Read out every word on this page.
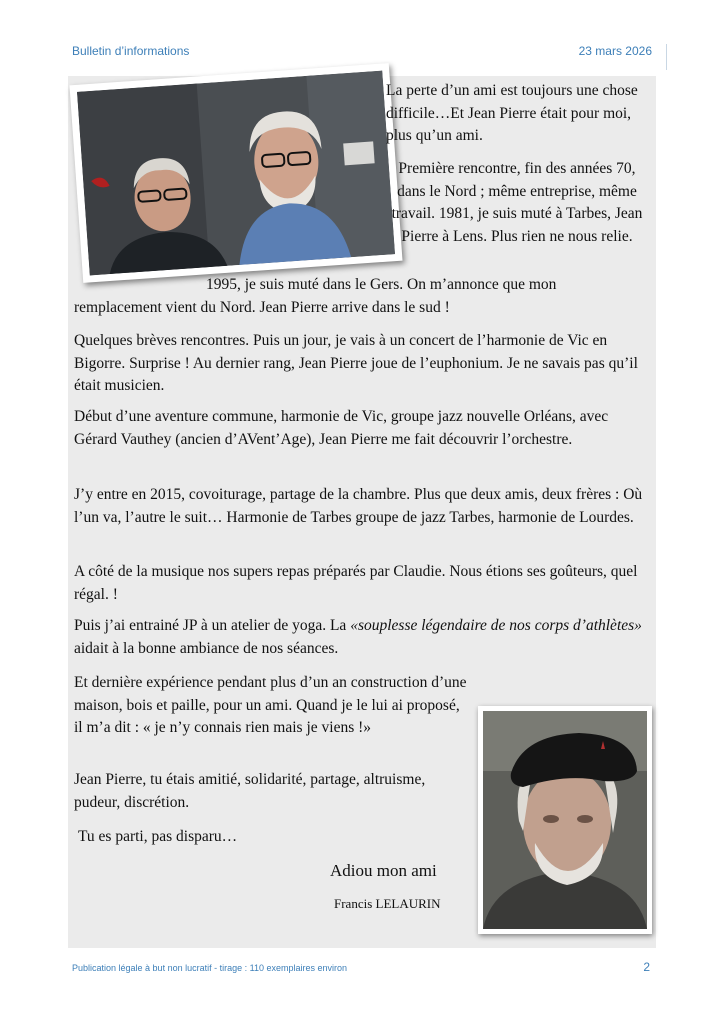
Bulletin d’informations	23 mars 2026
La perte d’un ami est toujours une chose difficile…Et Jean Pierre était pour moi, plus qu’un ami.
Première rencontre, fin des années 70, dans le Nord ; même entreprise, même travail. 1981, je suis muté à Tarbes, Jean Pierre à Lens. Plus rien ne nous relie.
1995, je suis muté dans le Gers. On m’annonce que mon remplacement vient du Nord. Jean Pierre arrive dans le sud !
Quelques brèves rencontres. Puis un jour, je vais à un concert de l’harmonie de Vic en Bigorre. Surprise ! Au dernier rang, Jean Pierre joue de l’euphonium. Je ne savais pas qu’il était musicien.
Début d’une aventure commune, harmonie de Vic, groupe jazz nouvelle Orléans, avec Gérard Vauthey (ancien d’AVent’Age), Jean Pierre me fait découvrir l’orchestre.
J’y entre en 2015, covoiturage, partage de la chambre. Plus que deux amis, deux frères : Où l’un va, l’autre le suit… Harmonie de Tarbes groupe de jazz Tarbes, harmonie de Lourdes.
A côté de la musique nos supers repas préparés par Claudie. Nous étions ses goûteurs, quel régal. !
Puis j’ai entrainé JP à un atelier de yoga. La «souplesse légendaire de nos corps d’athlètes» aidait à la bonne ambiance de nos séances.
Et dernière expérience pendant plus d’un an construction d’une maison, bois et paille, pour un ami. Quand je le lui ai proposé, il m’a dit : « je n’y connais rien mais je viens !»
Jean Pierre, tu étais amitié, solidarité, partage, altruisme, pudeur, discrétion.
Tu es parti, pas disparu…
Adiou mon ami
Francis LELAURIN
Publication légale à but non lucratif - tirage : 110 exemplaires environ	2
